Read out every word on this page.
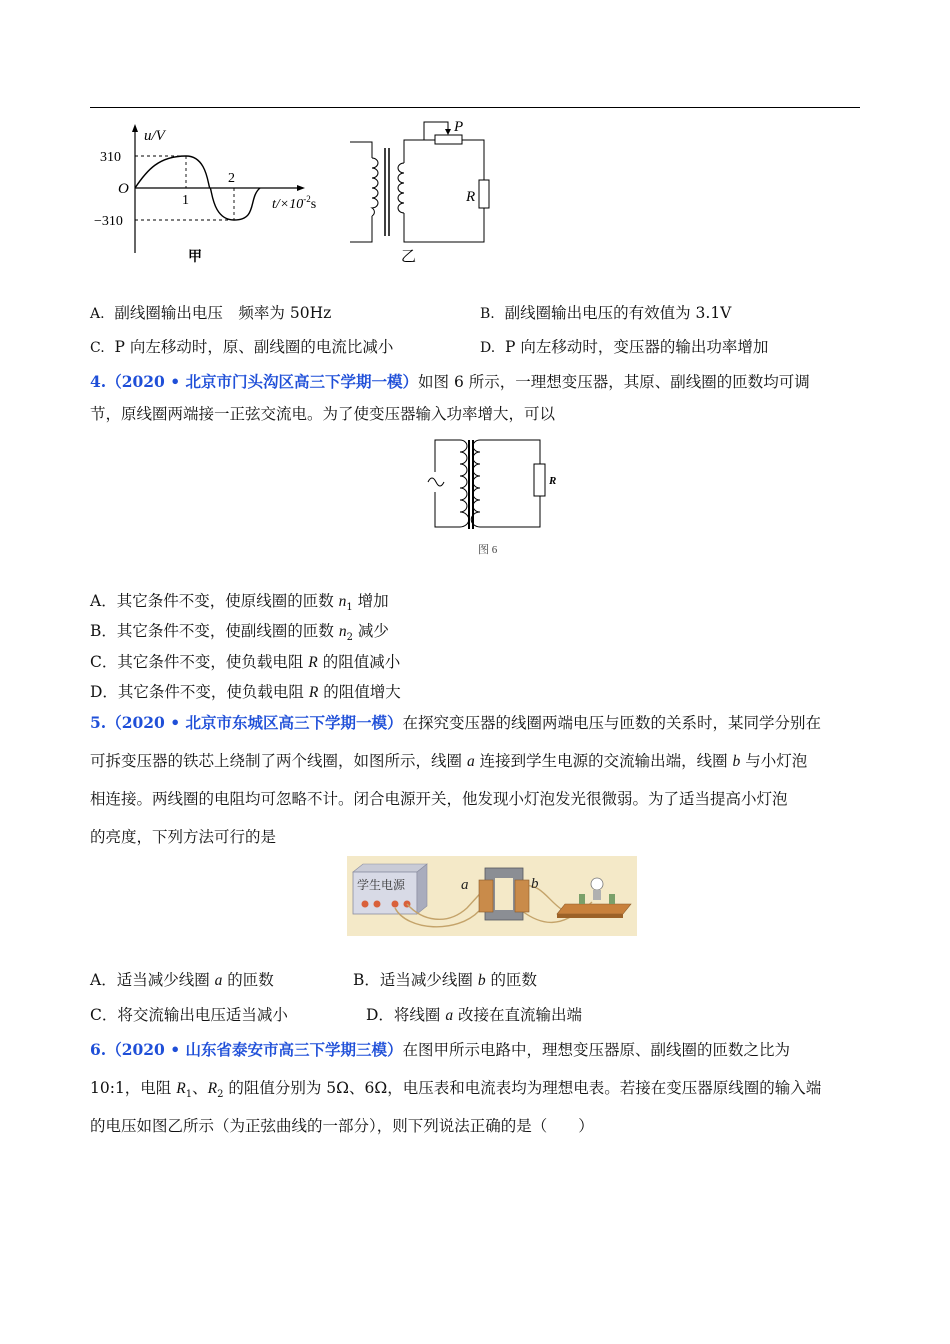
u/V
310
O
−310
1
2
$t/\times 10^{-2}s$
甲
P
R
乙
A. 副线圈输出电压　频率为 50Hz	B. 副线圈输出电压的有效值为 3.1V
C. P 向左移动时，原、副线圈的电流比减小	D. P 向左移动时，变压器的输出功率增加
4.（2020 • 北京市门头沟区高三下学期一模）如图 6 所示，一理想变压器，其原、副线圈的匝数均可调
节，原线圈两端接一正弦交流电。为了使变压器输入功率增大，可以
R
图 6
A．其它条件不变，使原线圈的匝数 $n_1$ 增加
B．其它条件不变，使副线圈的匝数 $n_2$ 减少
C．其它条件不变，使负载电阻 R 的阻值减小
D．其它条件不变，使负载电阻 R 的阻值增大
5.（2020 • 北京市东城区高三下学期一模）在探究变压器的线圈两端电压与匝数的关系时，某同学分别在
可拆变压器的铁芯上绕制了两个线圈，如图所示，线圈 a 连接到学生电源的交流输出端，线圈 b 与小灯泡
相连接。两线圈的电阻均可忽略不计。闭合电源开关，他发现小灯泡发光很微弱。为了适当提高小灯泡
的亮度，下列方法可行的是
学生电源	a	b
A．适当减少线圈 a 的匝数	B．适当减少线圈 b 的匝数
C．将交流输出电压适当减小	D．将线圈 a 改接在直流输出端
6.（2020 • 山东省泰安市高三下学期三模）在图甲所示电路中，理想变压器原、副线圈的匝数之比为
10:1，电阻 $R_1$、$R_2$ 的阻值分别为 5Ω、6Ω，电压表和电流表均为理想电表。若接在变压器原线圈的输入端
的电压如图乙所示（为正弦曲线的一部分），则下列说法正确的是（　　）
